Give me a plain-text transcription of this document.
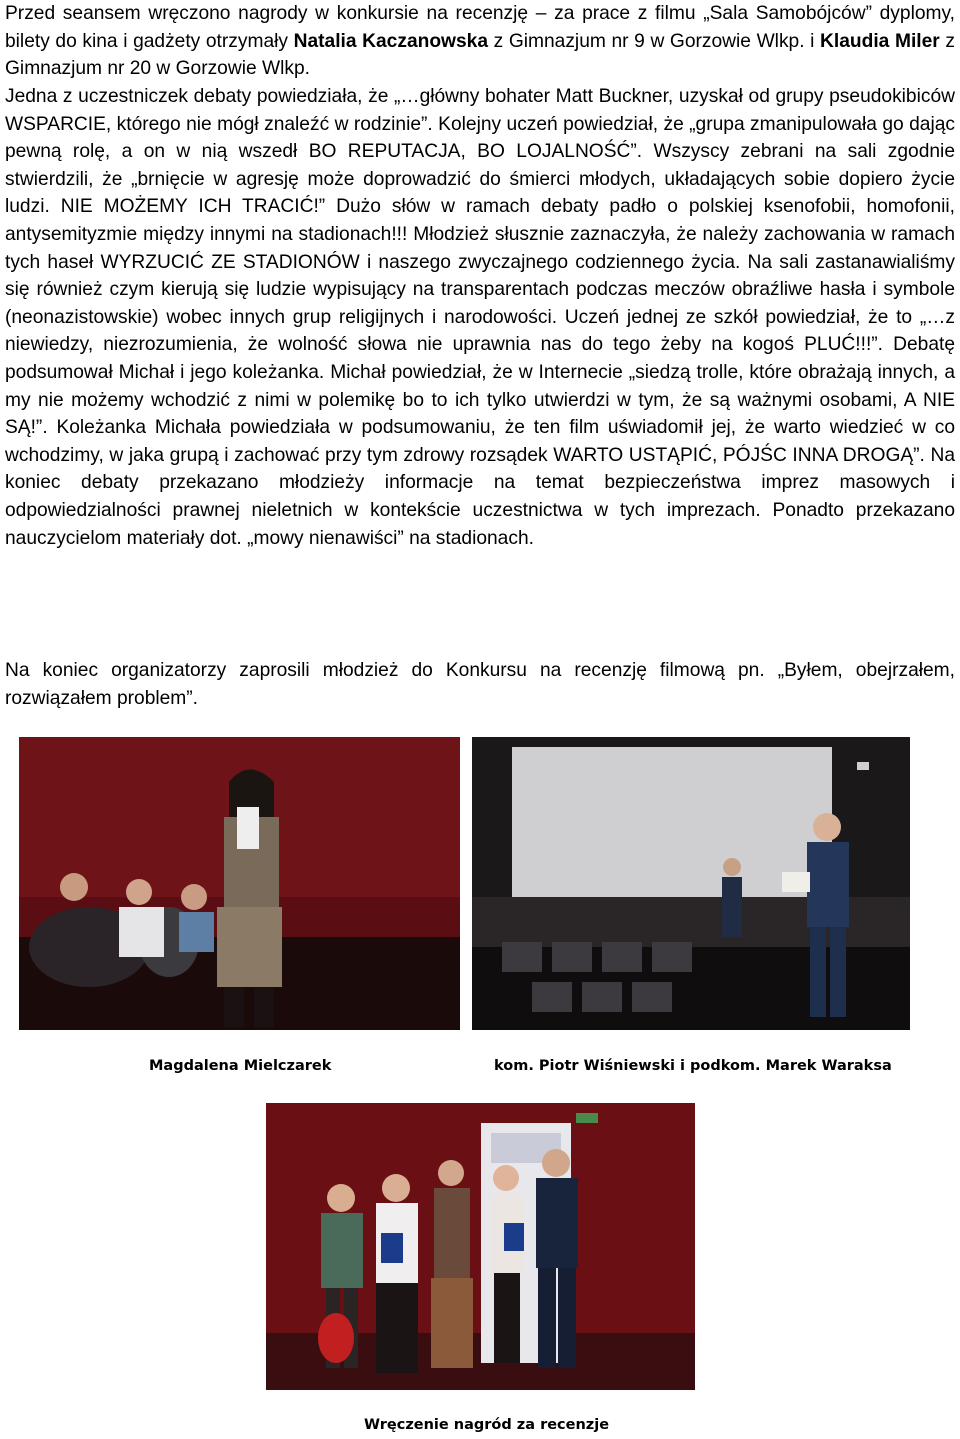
Przed seansem wręczono nagrody w konkursie na recenzję – za prace z filmu „Sala Samobójców” dyplomy, bilety do kina i gadżety otrzymały Natalia Kaczanowska z Gimnazjum nr 9 w Gorzowie Wlkp. i Klaudia Miler z Gimnazjum nr 20 w Gorzowie Wlkp.

Jedna z uczestniczek debaty powiedziała, że „…główny bohater Matt Buckner, uzyskał od grupy pseudokibiców WSPARCIE, którego nie mógł znaleźć w rodzinie”. Kolejny uczeń powiedział, że „grupa zmanipulowała go dając pewną rolę, a on w nią wszedł BO REPUTACJA, BO LOJALNOŚĆ”. Wszyscy zebrani na sali zgodnie stwierdzili, że „brnięcie w agresję może doprowadzić do śmierci młodych, układających sobie dopiero życie ludzi. NIE MOŻEMY ICH TRACIĆ!” Dużo słów w ramach debaty padło o polskiej ksenofobii, homofonii, antysemityzmie między innymi na stadionach!!! Młodzież słusznie zaznaczyła, że należy zachowania w ramach tych haseł WYRZUCIĆ ZE STADIONÓW i naszego zwyczajnego codziennego życia. Na sali zastanawialiśmy się również czym kierują się ludzie wypisujący na transparentach podczas meczów obraźliwe hasła i symbole (neonazistowskie) wobec innych grup religijnych i narodowości. Uczeń jednej ze szkół powiedział, że to „…z niewiedzy, niezrozumienia, że wolność słowa nie uprawnia nas do tego żeby na kogoś PLUĆ!!!”. Debatę podsumował Michał i jego koleżanka. Michał powiedział, że w Internecie „siedzą trolle, które obrażają innych, a my nie możemy wchodzić z nimi w polemikę bo to ich tylko utwierdzi w tym, że są ważnymi osobami, A NIE SĄ!”. Koleżanka Michała powiedziała w podsumowaniu, że ten film uświadomił jej, że warto wiedzieć w co wchodzimy, w jaka grupą i zachować przy tym zdrowy rozsądek WARTO USTĄPIĆ, PÓJŚC INNA DROGĄ”. Na koniec debaty przekazano młodzieży informacje na temat bezpieczeństwa imprez masowych i odpowiedzialności prawnej nieletnich w kontekście uczestnictwa w tych imprezach. Ponadto przekazano nauczycielom materiały dot. „mowy nienawiści” na stadionach.

Na koniec organizatorzy zaprosili młodzież do Konkursu na recenzję filmową pn. „Byłem, obejrzałem, rozwiązałem problem”.

Magdalena Mielczarek	kom. Piotr Wiśniewski i podkom. Marek Waraksa
Wręczenie nagród za recenzje
